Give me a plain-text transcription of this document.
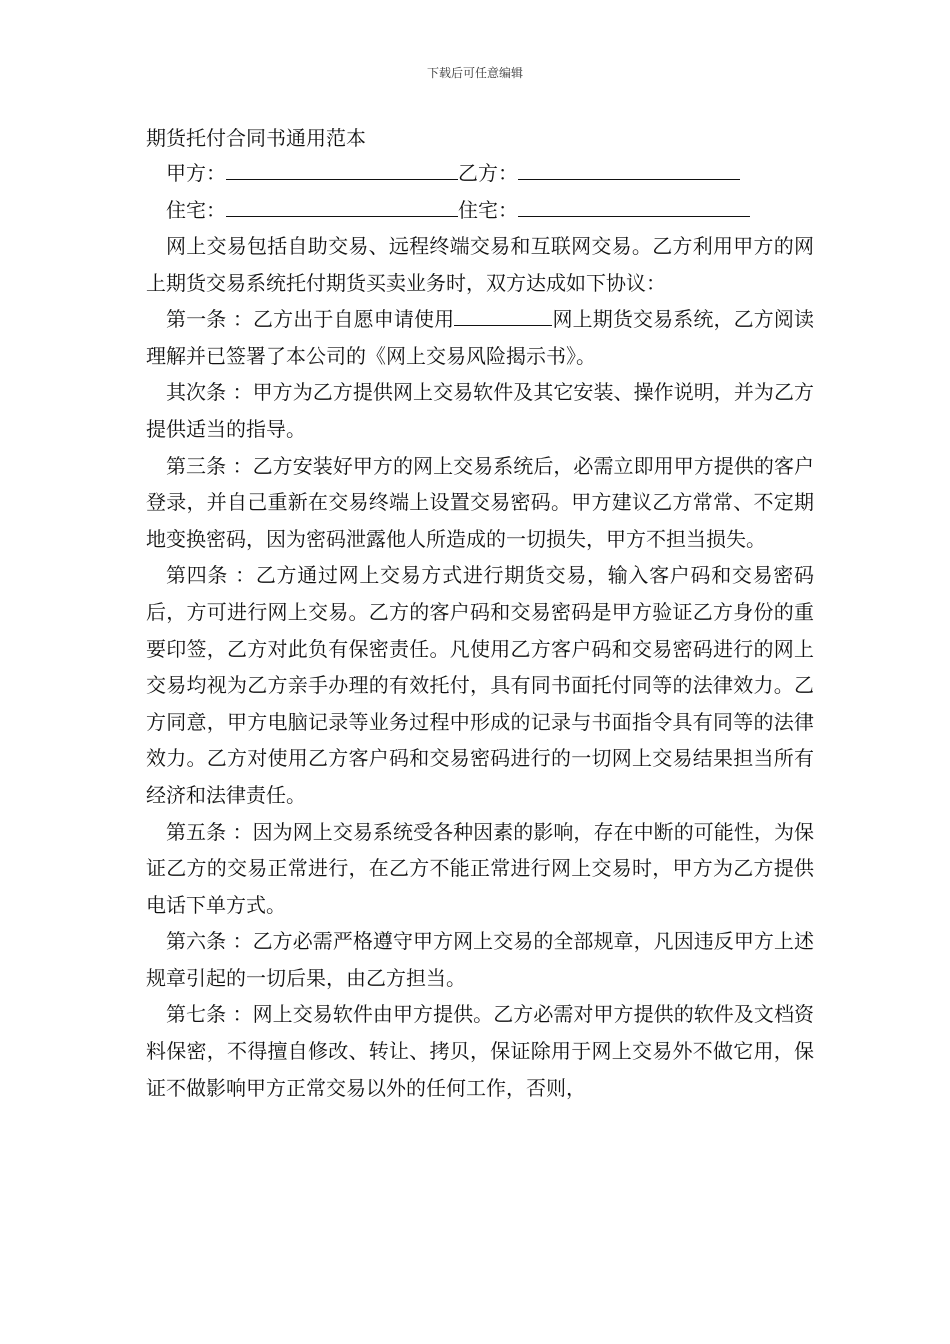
下载后可任意编辑
期货托付合同书通用范本
甲方：	乙方：
住宅：	住宅：

网上交易包括自助交易、远程终端交易和互联网交易。乙方利用甲方的网上期货交易系统托付期货买卖业务时，双方达成如下协议：

第一条 ：乙方出于自愿申请使用	网上期货交易系统，乙方阅读理解并已签署了本公司的《网上交易风险揭示书》。

其次条 ：甲方为乙方提供网上交易软件及其它安装、操作说明，并为乙方提供适当的指导。

第三条 ：乙方安装好甲方的网上交易系统后，必需立即用甲方提供的客户登录，并自己重新在交易终端上设置交易密码。甲方建议乙方常常、不定期地变换密码，因为密码泄露他人所造成的一切损失，甲方不担当损失。

第四条 ：乙方通过网上交易方式进行期货交易，输入客户码和交易密码后，方可进行网上交易。乙方的客户码和交易密码是甲方验证乙方身份的重要印签，乙方对此负有保密责任。凡使用乙方客户码和交易密码进行的网上交易均视为乙方亲手办理的有效托付，具有同书面托付同等的法律效力。乙方同意，甲方电脑记录等业务过程中形成的记录与书面指令具有同等的法律效力。乙方对使用乙方客户码和交易密码进行的一切网上交易结果担当所有经济和法律责任。

第五条 ：因为网上交易系统受各种因素的影响，存在中断的可能性，为保证乙方的交易正常进行，在乙方不能正常进行网上交易时，甲方为乙方提供电话下单方式。

第六条 ：乙方必需严格遵守甲方网上交易的全部规章，凡因违反甲方上述规章引起的一切后果，由乙方担当。

第七条 ：网上交易软件由甲方提供。乙方必需对甲方提供的软件及文档资料保密，不得擅自修改、转让、拷贝，保证除用于网上交易外不做它用，保证不做影响甲方正常交易以外的任何工作，否则，
